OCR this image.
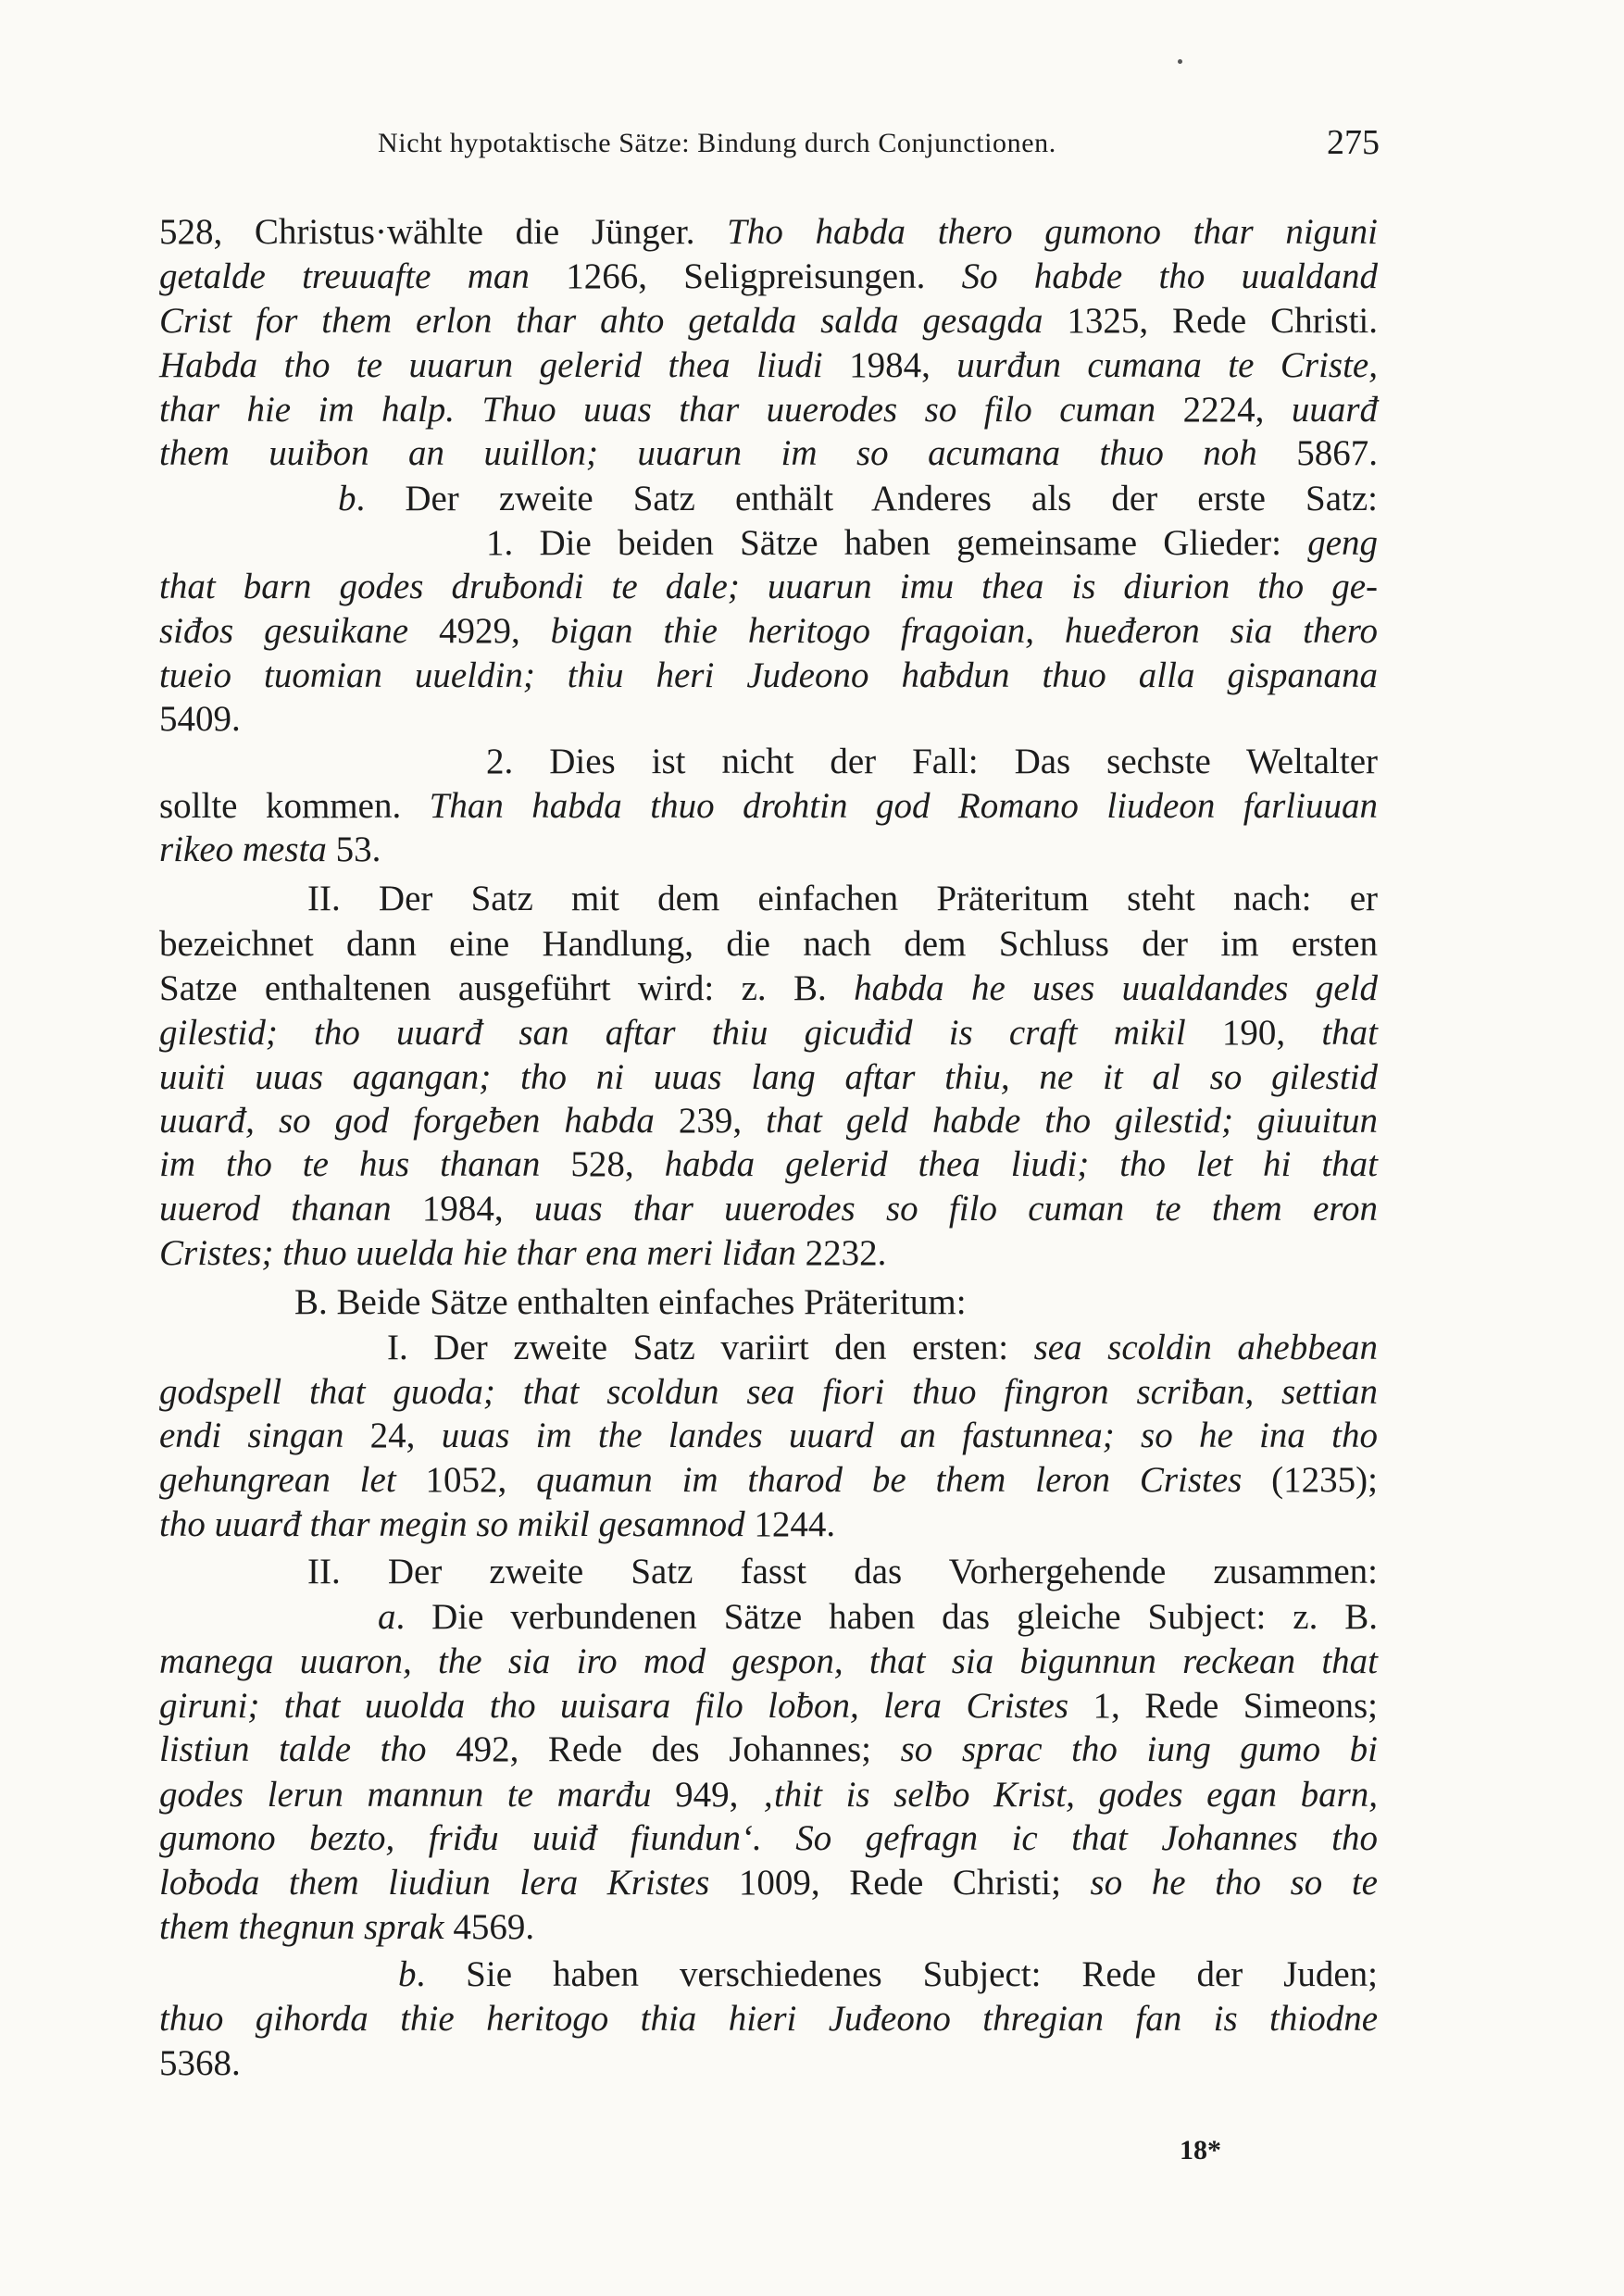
Nicht hypotaktische Sätze: Bindung durch Conjunctionen.	275
528, Christus·wählte die Jünger. Tho habda thero gumono thar niguni
getalde treuuafte man 1266, Seligpreisungen. So habde tho uualdand
Crist for them erlon thar ahto getalda salda gesagda 1325, Rede Christi.
Habda tho te uuarun gelerid thea liudi 1984, uurđun cumana te Criste,
thar hie im halp. Thuo uuas thar uuerodes so filo cuman 2224, uuarđ
them uuiƀon an uuillon; uuarun im so acumana thuo noh 5867.
b. Der zweite Satz enthält Anderes als der erste Satz:
1. Die beiden Sätze haben gemeinsame Glieder: geng
that barn godes druƀondi te dale; uuarun imu thea is diurion tho ge-
siđos gesuikane 4929, bigan thie heritogo fragoian, hueđeron sia thero
tueio tuomian uueldin; thiu heri Judeono haƀdun thuo alla gispanana
5409.
2. Dies ist nicht der Fall: Das sechste Weltalter
sollte kommen. Than habda thuo drohtin god Romano liudeon farliuuan
rikeo mesta 53.
II. Der Satz mit dem einfachen Präteritum steht nach: er
bezeichnet dann eine Handlung, die nach dem Schluss der im ersten
Satze enthaltenen ausgeführt wird: z. B. habda he uses uualdandes geld
gilestid; tho uuarđ san aftar thiu gicuđid is craft mikil 190, that
uuiti uuas agangan; tho ni uuas lang aftar thiu, ne it al so gilestid
uuarđ, so god forgeƀen habda 239, that geld habde tho gilestid; giuuitun
im tho te hus thanan 528, habda gelerid thea liudi; tho let hi that
uuerod thanan 1984, uuas thar uuerodes so filo cuman te them eron
Cristes; thuo uuelda hie thar ena meri liđan 2232.
B. Beide Sätze enthalten einfaches Präteritum:
I. Der zweite Satz variirt den ersten: sea scoldin ahebbean
godspell that guoda; that scoldun sea fiori thuo fingron scriƀan, settian
endi singan 24, uuas im the landes uuard an fastunnea; so he ina tho
gehungrean let 1052, quamun im tharod be them leron Cristes (1235);
tho uuarđ thar megin so mikil gesamnod 1244.
II. Der zweite Satz fasst das Vorhergehende zusammen:
a. Die verbundenen Sätze haben das gleiche Subject: z. B.
manega uuaron, the sia iro mod gespon, that sia bigunnun reckean that
giruni; that uuolda tho uuisara filo loƀon, lera Cristes 1, Rede Simeons;
listiun talde tho 492, Rede des Johannes; so sprac tho iung gumo bi
godes lerun mannun te marđu 949, ‚thit is selƀo Krist, godes egan barn,
gumono bezto, friđu uuiđ fiundun‘. So gefragn ic that Johannes tho
loƀoda them liudiun lera Kristes 1009, Rede Christi; so he tho so te
them thegnun sprak 4569.
b. Sie haben verschiedenes Subject: Rede der Juden;
thuo gihorda thie heritogo thia hieri Juđeono thregian fan is thiodne
5368.
18*
